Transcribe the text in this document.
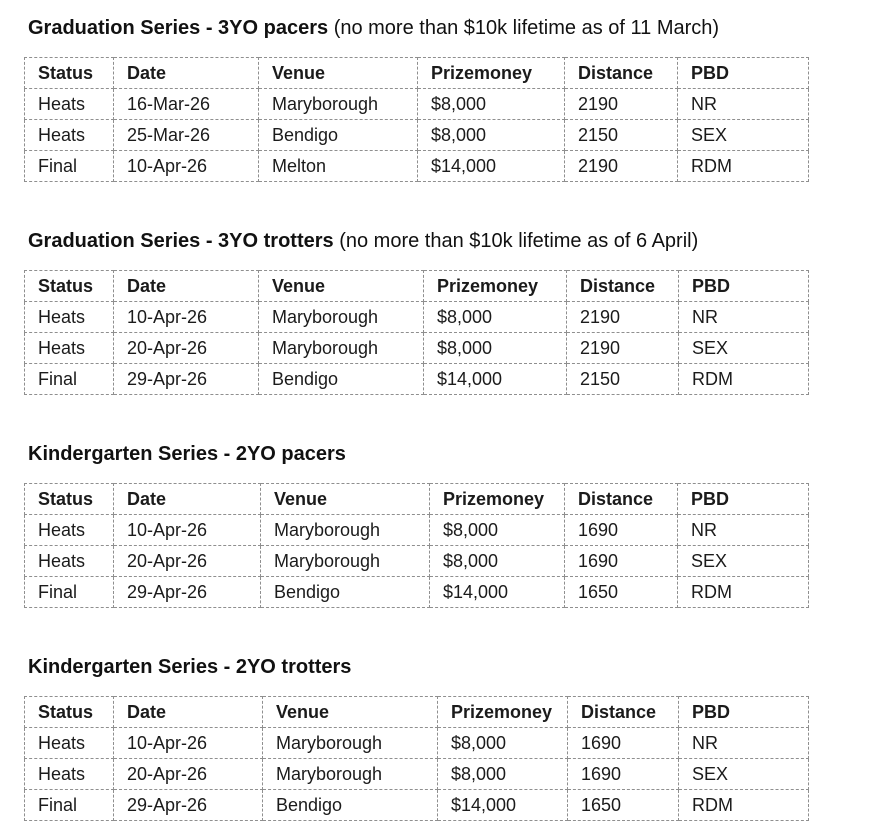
Graduation Series - 3YO pacers (no more than $10k lifetime as of 11 March)
Status	Date	Venue	Prizemoney	Distance	PBD
Heats	16-Mar-26	Maryborough	$8,000	2190	NR
Heats	25-Mar-26	Bendigo	$8,000	2150	SEX
Final	10-Apr-26	Melton	$14,000	2190	RDM
Graduation Series - 3YO trotters (no more than $10k lifetime as of 6 April)
Status	Date	Venue	Prizemoney	Distance	PBD
Heats	10-Apr-26	Maryborough	$8,000	2190	NR
Heats	20-Apr-26	Maryborough	$8,000	2190	SEX
Final	29-Apr-26	Bendigo	$14,000	2150	RDM
Kindergarten Series - 2YO pacers
Status	Date	Venue	Prizemoney	Distance	PBD
Heats	10-Apr-26	Maryborough	$8,000	1690	NR
Heats	20-Apr-26	Maryborough	$8,000	1690	SEX
Final	29-Apr-26	Bendigo	$14,000	1650	RDM
Kindergarten Series - 2YO trotters
Status	Date	Venue	Prizemoney	Distance	PBD
Heats	10-Apr-26	Maryborough	$8,000	1690	NR
Heats	20-Apr-26	Maryborough	$8,000	1690	SEX
Final	29-Apr-26	Bendigo	$14,000	1650	RDM
